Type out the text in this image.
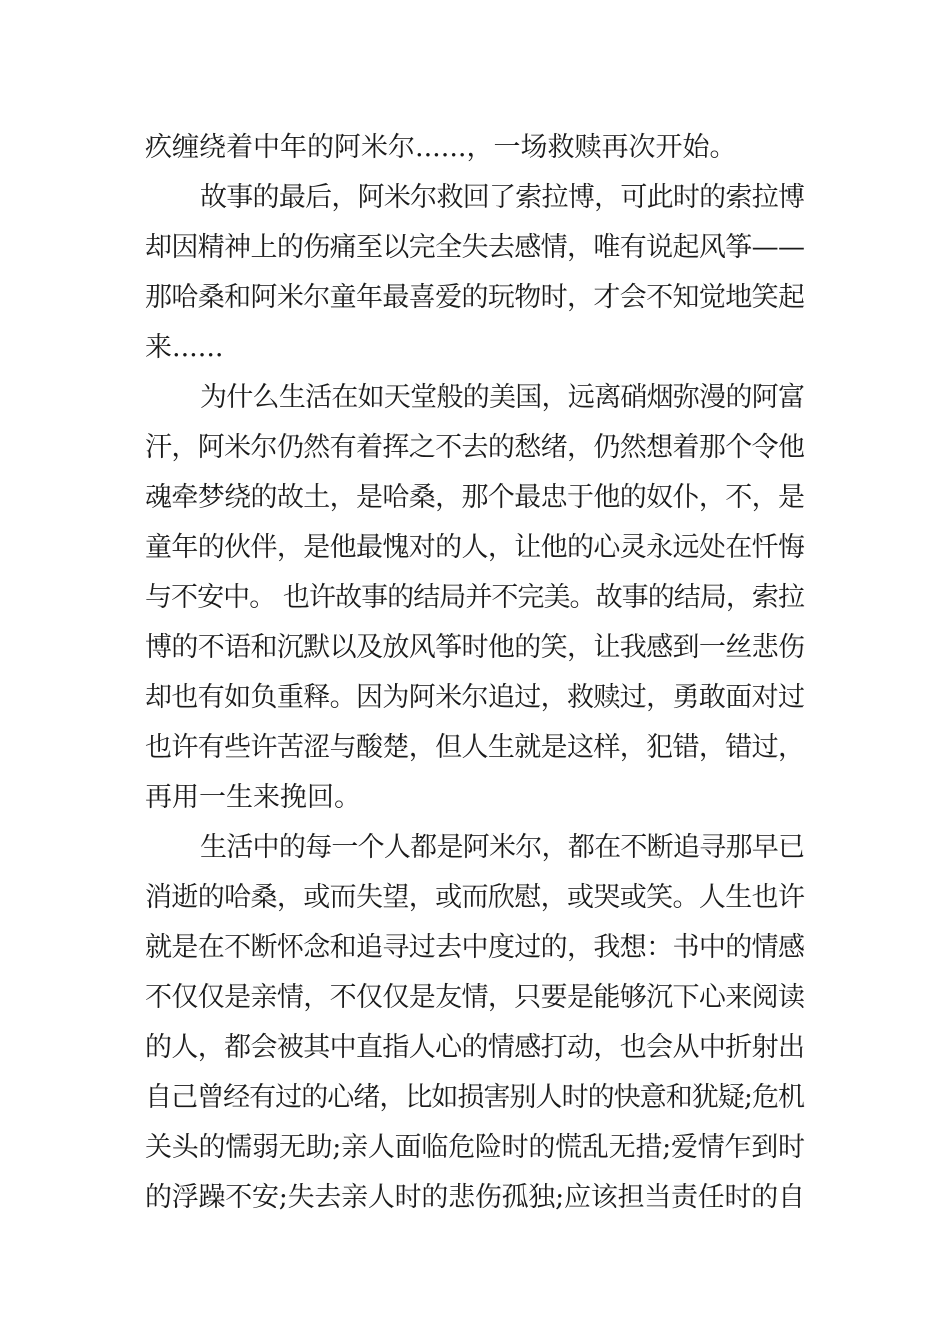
疚缠绕着中年的阿米尔......，一场救赎再次开始。
故事的最后，阿米尔救回了索拉博，可此时的索拉博
却因精神上的伤痛至以完全失去感情，唯有说起风筝——
那哈桑和阿米尔童年最喜爱的玩物时，才会不知觉地笑起
来......
为什么生活在如天堂般的美国，远离硝烟弥漫的阿富
汗，阿米尔仍然有着挥之不去的愁绪，仍然想着那个令他
魂牵梦绕的故土，是哈桑，那个最忠于他的奴仆，不，是
童年的伙伴，是他最愧对的人，让他的心灵永远处在忏悔
与不安中。 也许故事的结局并不完美。故事的结局，索拉
博的不语和沉默以及放风筝时他的笑，让我感到一丝悲伤
却也有如负重释。因为阿米尔追过，救赎过，勇敢面对过
也许有些许苦涩与酸楚，但人生就是这样，犯错，错过，
再用一生来挽回。
生活中的每一个人都是阿米尔，都在不断追寻那早已
消逝的哈桑，或而失望，或而欣慰，或哭或笑。人生也许
就是在不断怀念和追寻过去中度过的，我想：书中的情感
不仅仅是亲情，不仅仅是友情，只要是能够沉下心来阅读
的人，都会被其中直指人心的情感打动，也会从中折射出
自己曾经有过的心绪，比如损害别人时的快意和犹疑;危机
关头的懦弱无助;亲人面临危险时的慌乱无措;爱情乍到时
的浮躁不安;失去亲人时的悲伤孤独;应该担当责任时的自
